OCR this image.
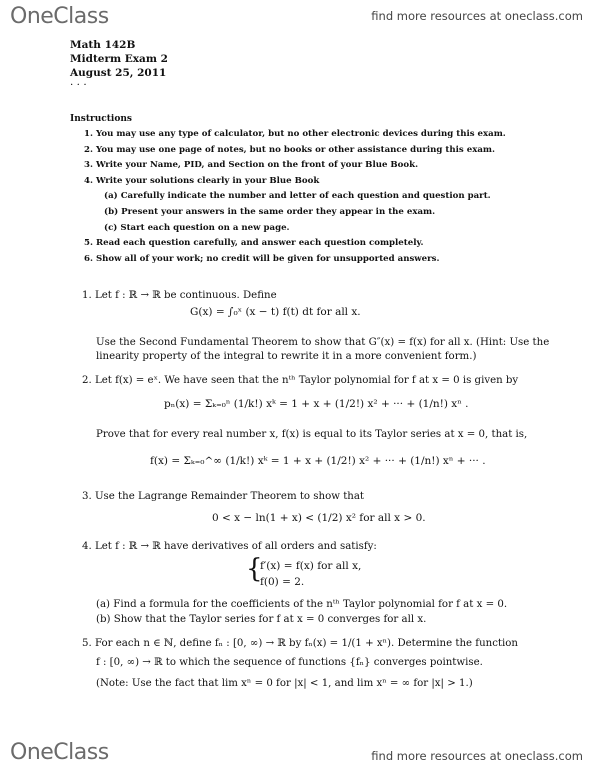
OneClass	find more resources at oneclass.com
Math 142B
Midterm Exam 2
August 25, 2011
· · ·
Instructions
1. You may use any type of calculator, but no other electronic devices during this exam.
2. You may use one page of notes, but no books or other assistance during this exam.
3. Write your Name, PID, and Section on the front of your Blue Book.
4. Write your solutions clearly in your Blue Book
(a) Carefully indicate the number and letter of each question and question part.
(b) Present your answers in the same order they appear in the exam.
(c) Start each question on a new page.
5. Read each question carefully, and answer each question completely.
6. Show all of your work; no credit will be given for unsupported answers.
1. Let f : ℝ → ℝ be continuous. Define
G(x) = ∫₀ˣ (x − t) f(t) dt for all x.
Use the Second Fundamental Theorem to show that G″(x) = f(x) for all x. (Hint: Use the linearity property of the integral to rewrite it in a more convenient form.)
2. Let f(x) = eˣ. We have seen that the nᵗʰ Taylor polynomial for f at x = 0 is given by
pₙ(x) = Σₖ₌₀ⁿ (1/k!) xᵏ = 1 + x + (1/2!) x² + ··· + (1/n!) xⁿ .
Prove that for every real number x, f(x) is equal to its Taylor series at x = 0, that is,
f(x) = Σₖ₌₀^∞ (1/k!) xᵏ = 1 + x + (1/2!) x² + ··· + (1/n!) xⁿ + ··· .
3. Use the Lagrange Remainder Theorem to show that
0 < x − ln(1 + x) < (1/2) x² for all x > 0.
4. Let f : ℝ → ℝ have derivatives of all orders and satisfy:
{
f′(x) = f(x) for all x,
f(0) = 2.
(a) Find a formula for the coefficients of the nᵗʰ Taylor polynomial for f at x = 0.
(b) Show that the Taylor series for f at x = 0 converges for all x.
5. For each n ∈ ℕ, define fₙ : [0, ∞) → ℝ by fₙ(x) = 1/(1 + xⁿ). Determine the function
f : [0, ∞) → ℝ to which the sequence of functions {fₙ} converges pointwise.
(Note: Use the fact that lim xⁿ = 0 for |x| < 1, and lim xⁿ = ∞ for |x| > 1.)
OneClass	find more resources at oneclass.com
